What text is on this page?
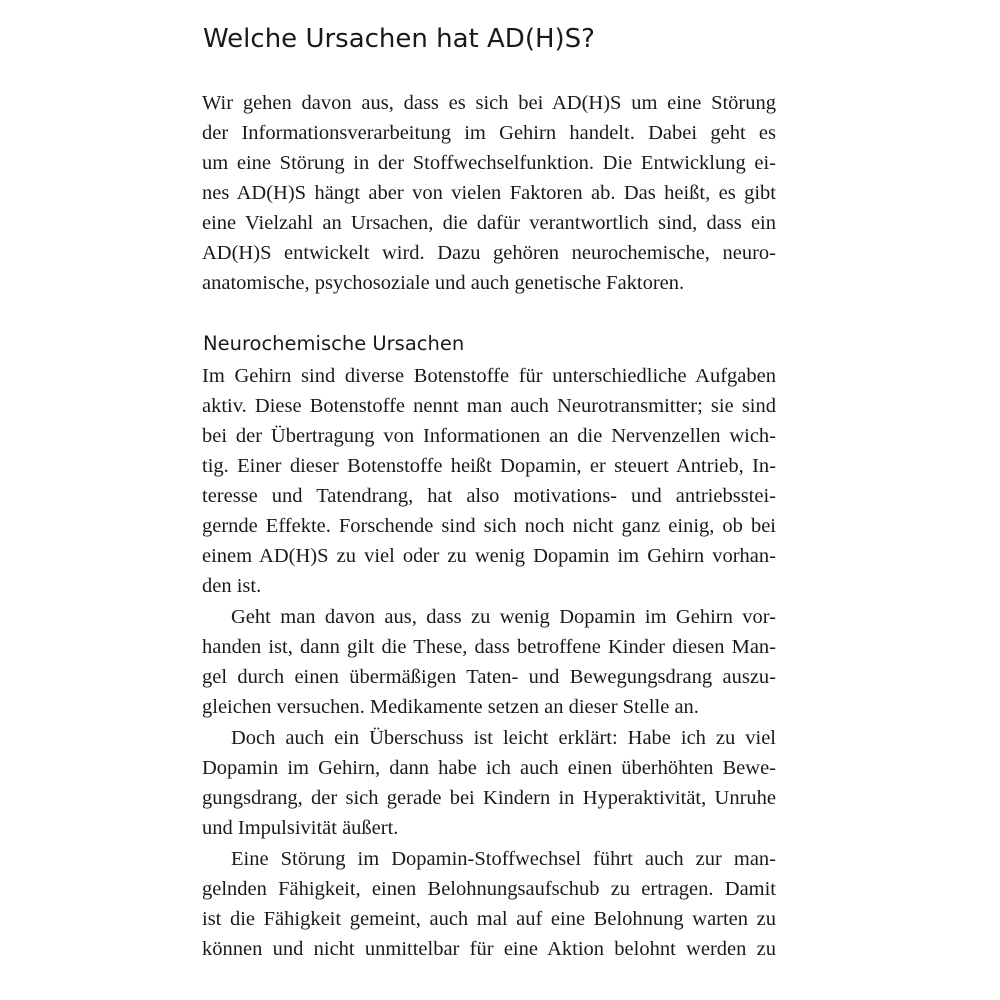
Welche Ursachen hat AD(H)S?
Wir gehen davon aus, dass es sich bei AD(H)S um eine Störung
der Informationsverarbeitung im Gehirn handelt. Dabei geht es
um eine Störung in der Stoffwechselfunktion. Die Entwicklung ei-
nes AD(H)S hängt aber von vielen Faktoren ab. Das heißt, es gibt
eine Vielzahl an Ursachen, die dafür verantwortlich sind, dass ein
AD(H)S entwickelt wird. Dazu gehören neurochemische, neuro-
anatomische, psychosoziale und auch genetische Faktoren.
Neurochemische Ursachen
Im Gehirn sind diverse Botenstoffe für unterschiedliche Aufgaben
aktiv. Diese Botenstoffe nennt man auch Neurotransmitter; sie sind
bei der Übertragung von Informationen an die Nervenzellen wich-
tig. Einer dieser Botenstoffe heißt Dopamin, er steuert Antrieb, In-
teresse und Tatendrang, hat also motivations- und antriebsstei-
gernde Effekte. Forschende sind sich noch nicht ganz einig, ob bei
einem AD(H)S zu viel oder zu wenig Dopamin im Gehirn vorhan-
den ist.
Geht man davon aus, dass zu wenig Dopamin im Gehirn vor-
handen ist, dann gilt die These, dass betroffene Kinder diesen Man-
gel durch einen übermäßigen Taten- und Bewegungsdrang auszu-
gleichen versuchen. Medikamente setzen an dieser Stelle an.
Doch auch ein Überschuss ist leicht erklärt: Habe ich zu viel
Dopamin im Gehirn, dann habe ich auch einen überhöhten Bewe-
gungsdrang, der sich gerade bei Kindern in Hyperaktivität, Unruhe
und Impulsivität äußert.
Eine Störung im Dopamin-Stoffwechsel führt auch zur man-
gelnden Fähigkeit, einen Belohnungsaufschub zu ertragen. Damit
ist die Fähigkeit gemeint, auch mal auf eine Belohnung warten zu
können und nicht unmittelbar für eine Aktion belohnt werden zu
